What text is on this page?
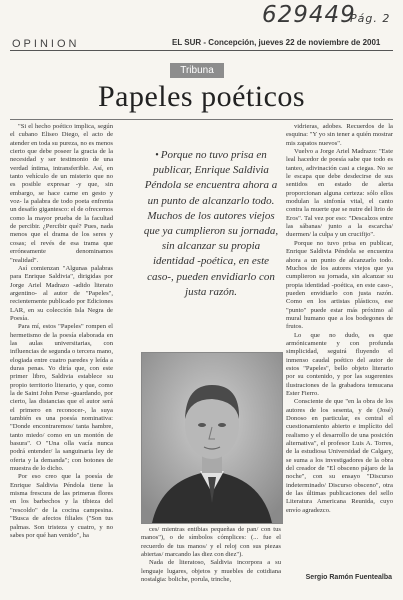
629449
Pág. 2
OPINION	EL SUR - Concepción, jueves 22 de noviembre de 2001
Tribuna
Papeles poéticos

"Si el hecho poético implica, según el cubano Eliseo Diego, el acto de atender en toda su pureza, no es menos cierto que debe poseer la gracia de la necesidad y ser testimonio de una verdad íntima, intransferible. Así, en tanto vehículo de un misterio que no es posible expresar -y que, sin embargo, se hace carne en gesto y voz- la palabra de todo poeta enfrenta un desafío gigantesco: el de ofrecernos como la mayor prueba de la facultad de percibir. ¿Percibir qué? Pues, nada menos que el drama de los seres y cosas; el revés de esa trama que erróneamente denominamos "realidad".

Así comienzan "Algunas palabras para Enrique Saldivia", dirigidas por Jorge Ariel Madrazo -adido literato argentino- al autor de "Papeles", recientemente publicado por Ediciones LAR, en su colección Isla Negra de Poesía.

Para mí, estos "Papeles" rompen el hermetismo de la poesía elaborada en las aulas universitarias, con influencias de segunda o tercera mano, elogiada entre cuatro paredes y leída a duras penas. Yo diría que, con este primer libro, Saldivia establece su propio territorio literario, y que, como la de Saint John Perse -guardando, por cierto, las distancias que el autor será el primero en reconocer-, la suya también es una poesía nominativa: "Donde encontraremos/ tanta hambre, tanto miedo/ como en un montón de basura". O "Una olla vacía nunca podrá entender/ la sanguinaria ley de oferta y la demanda"; con botones de muestra de lo dicho.

Por eso creo que la poesía de Enrique Saldivia Péndola tiene la misma frescura de las primeras flores en los barbechos y la tibieza del "rescoldo" de la cocina campesina. "Busca de afectos filiales ("Son tus palmas. Son tristeza y cuatro, y no sabes por qué han venido", ha

• Porque no tuvo prisa en publicar, Enrique Saldivia Péndola se encuentra ahora a un punto de alcanzarlo todo. Muchos de los autores viejos que ya cumplieron su jornada, sin alcanzar su propia identidad -poética, en este caso-, pueden envidiarlo con justa razón.

ces/ mientras entibias pequeñas de pan/ con tus manos"), o de símbolos cómplices: (... fue el recuerdo de tus manos/ y el reloj con sus piezas abiertas/ marcando las diez con diez").

Nada de literatoso, Saldivia incorpora a su lenguaje lugares, objetos y muebles de cotidiana nostalgia: boliche, porula, trinche,

vidrieras, adobes. Recuerdos de la esquina: "Y yo sin tener a quién mostrar mis zapatos nuevos".

Vuelvo a Jorge Ariel Madrazo: "Este leal hacedor de poesía sabe que todo es tanteo, adivinación casi a ciegas. No se le escapa que debe desdecirse de sus sentidos en estado de alerta proporcionan alguna certeza: sólo ellos modulan la sinfonía vital, el canto contra la muerte que se nutre del lirio de Eros". Tal vez por eso: "Descalzos entre las sábanas/ junto a la escarcha/ duermen/ la culpa y un crucifijo".

Porque no tuvo prisa en publicar, Enrique Saldivia Péndola se encuentra ahora a un punto de alcanzarlo todo. Muchos de los autores viejos que ya cumplieron su jornada, sin alcanzar su propia identidad -poética, en este caso-, pueden envidiarlo con justa razón. Como en los artistas plásticos, ese "punto" puede estar más próximo al mural humano que a los bodegones de frutos.

Lo que no dudo, es que armónicamente y con profunda simplicidad, seguirá fluyendo el inmenso caudal poético del autor de estos "Papeles", bello objeto literario por su contenido, y por las sugerentes ilustraciones de la grabadora temucana Ester Fierro.

Consciente de que "en la obra de los autores de los sesenta, y de (José) Donoso en particular, es central el cuestionamiento abierto e implícito del realismo y el desarrollo de una posición alternativa", el profesor Luis A. Torres, de la estudiosa Universidad de Calgary, se suma a los investigadores de la obra del creador de "El obsceno pájaro de la noche", con su ensayo "Discurso indeterminado/ Discurso obsceno", otra de las últimas publicaciones del sello Literatura Americana Reunida, cuyo envío agradezco.

Sergio Ramón Fuentealba
